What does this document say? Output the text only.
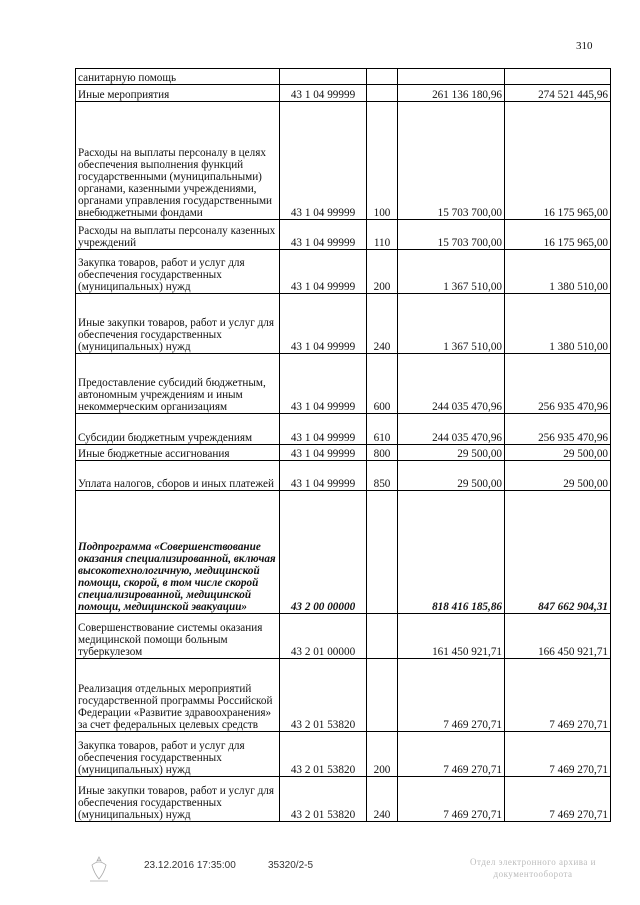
310
санитарную помощь				
Иные мероприятия	43 1 04 99999		261 136 180,96	274 521 445,96
Расходы на выплаты персоналу в целях обеспечения выполнения функций государственными (муниципальными) органами, казенными учреждениями, органами управления государственными внебюджетными фондами	43 1 04 99999	100	15 703 700,00	16 175 965,00
Расходы на выплаты персоналу казенных учреждений	43 1 04 99999	110	15 703 700,00	16 175 965,00
Закупка товаров, работ и услуг для обеспечения государственных (муниципальных) нужд	43 1 04 99999	200	1 367 510,00	1 380 510,00
Иные закупки товаров, работ и услуг для обеспечения государственных (муниципальных) нужд	43 1 04 99999	240	1 367 510,00	1 380 510,00
Предоставление субсидий бюджетным, автономным учреждениям и иным некоммерческим организациям	43 1 04 99999	600	244 035 470,96	256 935 470,96
Субсидии бюджетным учреждениям	43 1 04 99999	610	244 035 470,96	256 935 470,96
Иные бюджетные ассигнования	43 1 04 99999	800	29 500,00	29 500,00
Уплата налогов, сборов и иных платежей	43 1 04 99999	850	29 500,00	29 500,00
Подпрограмма «Совершенствование оказания специализированной, включая высокотехнологичную, медицинской помощи, скорой, в том числе скорой специализированной, медицинской помощи, медицинской эвакуации»	43 2 00 00000		818 416 185,86	847 662 904,31
Совершенствование системы оказания медицинской помощи больным туберкулезом	43 2 01 00000		161 450 921,71	166 450 921,71
Реализация отдельных мероприятий государственной программы Российской Федерации «Развитие здравоохранения» за счет федеральных целевых средств	43 2 01 53820		7 469 270,71	7 469 270,71
Закупка товаров, работ и услуг для обеспечения государственных (муниципальных) нужд	43 2 01 53820	200	7 469 270,71	7 469 270,71
Иные закупки товаров, работ и услуг для обеспечения государственных (муниципальных) нужд	43 2 01 53820	240	7 469 270,71	7 469 270,71
23.12.2016 17:35:00	35320/2-5	Отдел электронного архива и документооборота
